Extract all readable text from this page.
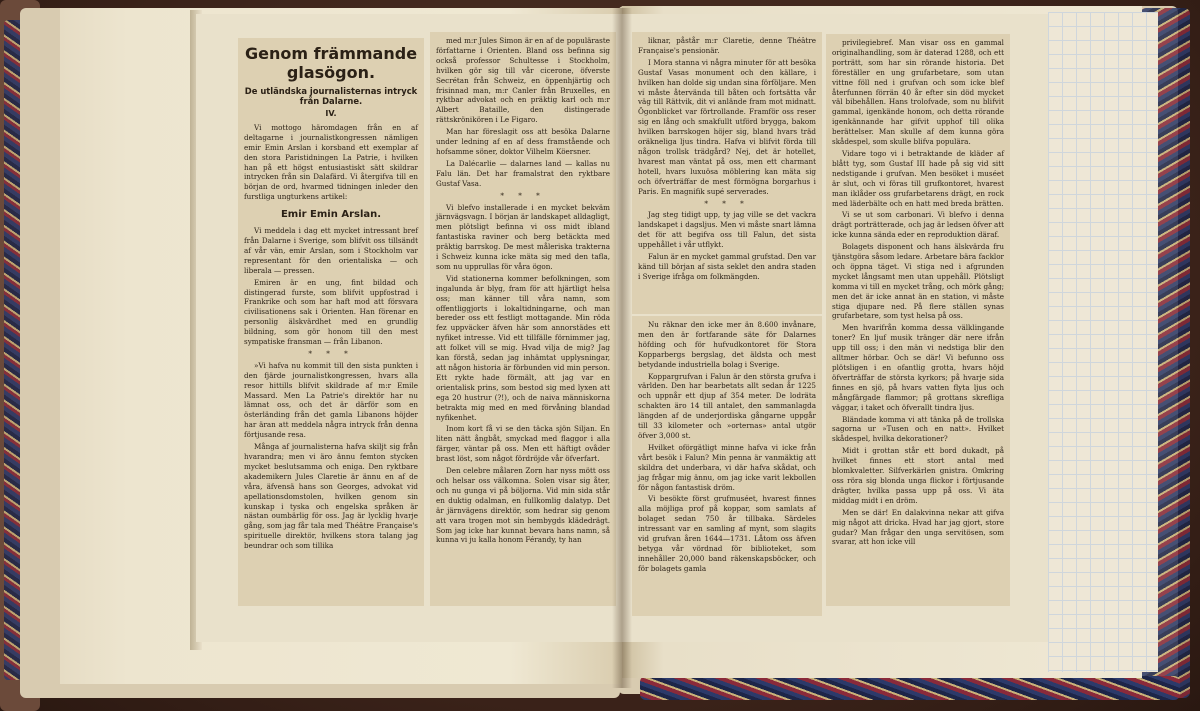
Genom främmande glasögon.
De utländska journalisternas intryck från Dalarne.
IV.

Vi mottogo häromdagen från en af deltagarne i journalistkongressen nämligen emir Emin Arslan i korsband ett exemplar af den stora Paristidningen La Patrie, i hvilken han på ett högst entusiastiskt sätt skildrar intrycken från sin Dalafärd. Vi återgifva till en början de ord, hvarmed tidningen inleder den furstliga ungturkens artikel:

Emir Emin Arslan.

Vi meddela i dag ett mycket intressant bref från Dalarne i Sverige, som blifvit oss tillsändt af vår vän, emir Arslan, som i Stockholm var representant för den orientaliska — och liberala — pressen.

Emiren är en ung, fint bildad och distingerad furste, som blifvit uppfostrad i Frankrike och som har haft mod att försvara civilisationens sak i Orienten. Han förenar en personlig älskvärdhet med en grundlig bildning, som gör honom till den mest sympatiske fransman — från Libanon.

* * *

»Vi hafva nu kommit till den sista punkten i den fjärde journalistkongressen, hvars alla resor hittills blifvit skildrade af m:r Emile Massard. Men La Patrie's direktör har nu lämnat oss, och det är därför som en österländing från det gamla Libanons höjder har äran att meddela några intryck från denna förtjusande resa.

Många af journalisterna hafva skiljt sig från hvarandra; men vi äro ännu femton stycken mycket beslutsamma och eniga. Den ryktbare akademikern Jules Claretie är ännu en af de våra, äfvensä hans son Georges, advokat vid apellationsdomstolen, hvilken genom sin kunskap i tyska och engelska språken är nästan oumbärlig för oss. Jag är lycklig hvarje gång, som jag får tala med Théâtre Française's spirituelle direktör, hvilkens stora talang jag beundrar och som tillika

med m:r Jules Simon är en af de populäraste författarne i Orienten. Bland oss befinna sig också professor Schultesse i Stockholm, hvilken gör sig till vår cicerone, öfverste Secrétan från Schweiz, en öppenhjärtig och frisinnad man, m:r Canler från Bruxelles, en ryktbar advokat och en präktig karl och m:r Albert Bataille, den distingerade rättskrönikören i Le Figaro.

Man har föreslagit oss att besöka Dalarne under ledning af en af dess framstående och hofsamme söner, doktor Vilhelm Köersner.

La Dalécarlie — dalarnes land — kallas nu Falu län. Det har framalstrat den ryktbare Gustaf Vasa.

* * *

Vi blefvo installerade i en mycket bekväm järnvägsvagn. I början är landskapet alldagligt, men plötsligt befinna vi oss midt ibland fantastiska raviner och berg betäckta med präktig barrskog. De mest måleriska trakterna i Schweiz kunna icke mäta sig med den tafla, som nu upprullas för våra ögon.

Vid stationerna kommer befolkningen, som ingalunda är blyg, fram för att hjärtligt helsa oss; man känner till våra namn, som offentliggjorts i lokaltidningarne, och man bereder oss ett festligt mottagande. Min röda fez uppväcker äfven här som annorstädes ett nyfiket intresse. Vid ett tillfälle förnimmer jag, att folket vill se mig. Hvad vilja de mig? Jag kan förstå, sedan jag inhämtat upplysningar, att någon historia är förbunden vid min person. Ett rykte hade förmält, att jag var en orientalisk prins, som bestod sig med lyxen att ega 20 hustrur (?!), och de naiva människorna betrakta mig med en med förvåning blandad nyfikenhet.

Inom kort få vi se den täcka sjön Siljan. En liten nätt ångbåt, smyckad med flaggor i alla färger, väntar på oss. Men ett häftigt ovåder brast löst, som något fördröjde vår öfverfart.

Den celebre målaren Zorn har nyss mött oss och helsar oss välkomna. Solen visar sig åter, och nu gunga vi på böljorna. Vid min sida står en duktig odalman, en fullkomlig dalatyp. Det är järnvägens direktör, som hedrar sig genom att vara trogen mot sin hembygds klädedrägt. Som jag icke har kunnat bevara hans namn, så kunna vi ju kalla honom Férandy, ty han

liknar, påstår m:r Claretie, denne Théâtre Française's pensionär.

I Mora stanna vi några minuter för att besöka Gustaf Vasas monument och den källare, i hvilken han dolde sig undan sina förföljare. Men vi måste återvända till båten och fortsätta vår väg till Rättvik, dit vi anlände fram mot midnatt. Ögonblicket var förtrollande. Framför oss reser sig en lång och smakfullt utförd brygga, bakom hvilken barrskogen höjer sig, bland hvars träd oräkneliga ljus tindra. Hafva vi blifvit förda till någon trollsk trädgård? Nej, det är hotellet, hvarest man väntat på oss, men ett charmant hotell, hvars luxuösa möblering kan mäta sig och öfverträffar de mest förmögna borgarhus i Paris. En magnifik supé serverades.

* * *

Jag steg tidigt upp, ty jag ville se det vackra landskapet i dagsljus. Men vi måste snart lämna det för att begifva oss till Falun, det sista uppehållet i vår utflykt.

Falun är en mycket gammal grufstad. Den var känd till början af sista seklet den andra staden i Sverige ifråga om folkmängden.

Nu räknar den icke mer än 8.600 invånare, men den är fortfarande säte för Dalarnes höfding och för hufvudkontoret för Stora Kopparbergs bergslag, det äldsta och mest betydande industriella bolag i Sverige.

Koppargrufvan i Falun är den största grufva i världen. Den har bearbetats allt sedan år 1225 och uppnår ett djup af 354 meter. De lodräta schakten äro 14 till antalet, den sammanlagda längden af de underjordiska gångarne uppgår till 33 kilometer och »orternas» antal utgör öfver 3,000 st.

Hvilket oförgätligt minne hafva vi icke från vårt besök i Falun? Min penna är vanmäktig att skildra det underbara, vi där hafva skådat, och jag frågar mig ännu, om jag icke varit lekbollen för någon fantastisk dröm.

Vi besökte först grufmuséet, hvarest finnes alla möjliga prof på koppar, som samlats af bolaget sedan 750 år tillbaka. Särdeles intressant var en samling af mynt, som slagits vid grufvan åren 1644—1731. Låtom oss äfven betyga vår vördnad för biblioteket, som innehåller 20,000 band räkenskapsböcker, och för bolagets gamla

privilegiebref. Man visar oss en gammal originalhandling, som är daterad 1288, och ett porträtt, som har sin rörande historia. Det föreställer en ung grufarbetare, som utan vittne föll ned i grufvan och som icke blef återfunnen förrän 40 år efter sin död mycket väl bibehållen. Hans trolofvade, som nu blifvit gammal, igenkände honom, och detta rörande igenkännande har gifvit upphof till olika berättelser. Man skulle af dem kunna göra skådespel, som skulle blifva populära.

Vidare togo vi i betraktande de kläder af blått tyg, som Gustaf III hade på sig vid sitt nedstigande i grufvan. Men besöket i muséet är slut, och vi föras till grufkontoret, hvarest man iklåder oss grufarbetarens drägt, en rock med läderbälte och en hatt med breda brätten.

Vi se ut som carbonari. Vi blefvo i denna drägt porträtterade, och jag är ledsen öfver att icke kunna sända eder en reproduktion däraf.

Bolagets disponent och hans älskvärda fru tjänstgöra såsom ledare. Arbetare bära facklor och öppna täget. Vi stiga ned i afgrunden mycket långsamt men utan uppehåll. Plötsligt komma vi till en mycket trång, och mörk gång; men det är icke annat än en station, vi måste stiga djupare ned. På flere ställen synas grufarbetare, som tyst helsa på oss.

Men hvarifrån komma dessa välklingande toner? En ljuf musik tränger där nere ifrån upp till oss; i den män vi nedstiga blir den alltmer hörbar. Och se där! Vi befunno oss plötsligen i en ofantlig grotta, hvars höjd öfverträffar de största kyrkors; på hvarje sida finnes en sjö, på hvars vatten flyta ljus och mångfärgade flammor; på grottans skrefliga väggar, i taket och öfverallt tindra ljus.

Bländade komma vi att tänka på de trollska sagorna ur »Tusen och en natt». Hvilket skådespel, hvilka dekorationer?

Midt i grottan står ett bord dukadt, på hvilket finnes ett stort antal med blomkvaletter. Silfverkärlen gnistra. Omkring oss röra sig blonda unga flickor i förtjusande drägter, hvilka passa upp på oss. Vi äta middag midt i en dröm.

Men se där! En dalakvinna nekar att gifva mig något att dricka. Hvad har jag gjort, store gudar? Man frågar den unga servitösen, som svarar, att hon icke vill
